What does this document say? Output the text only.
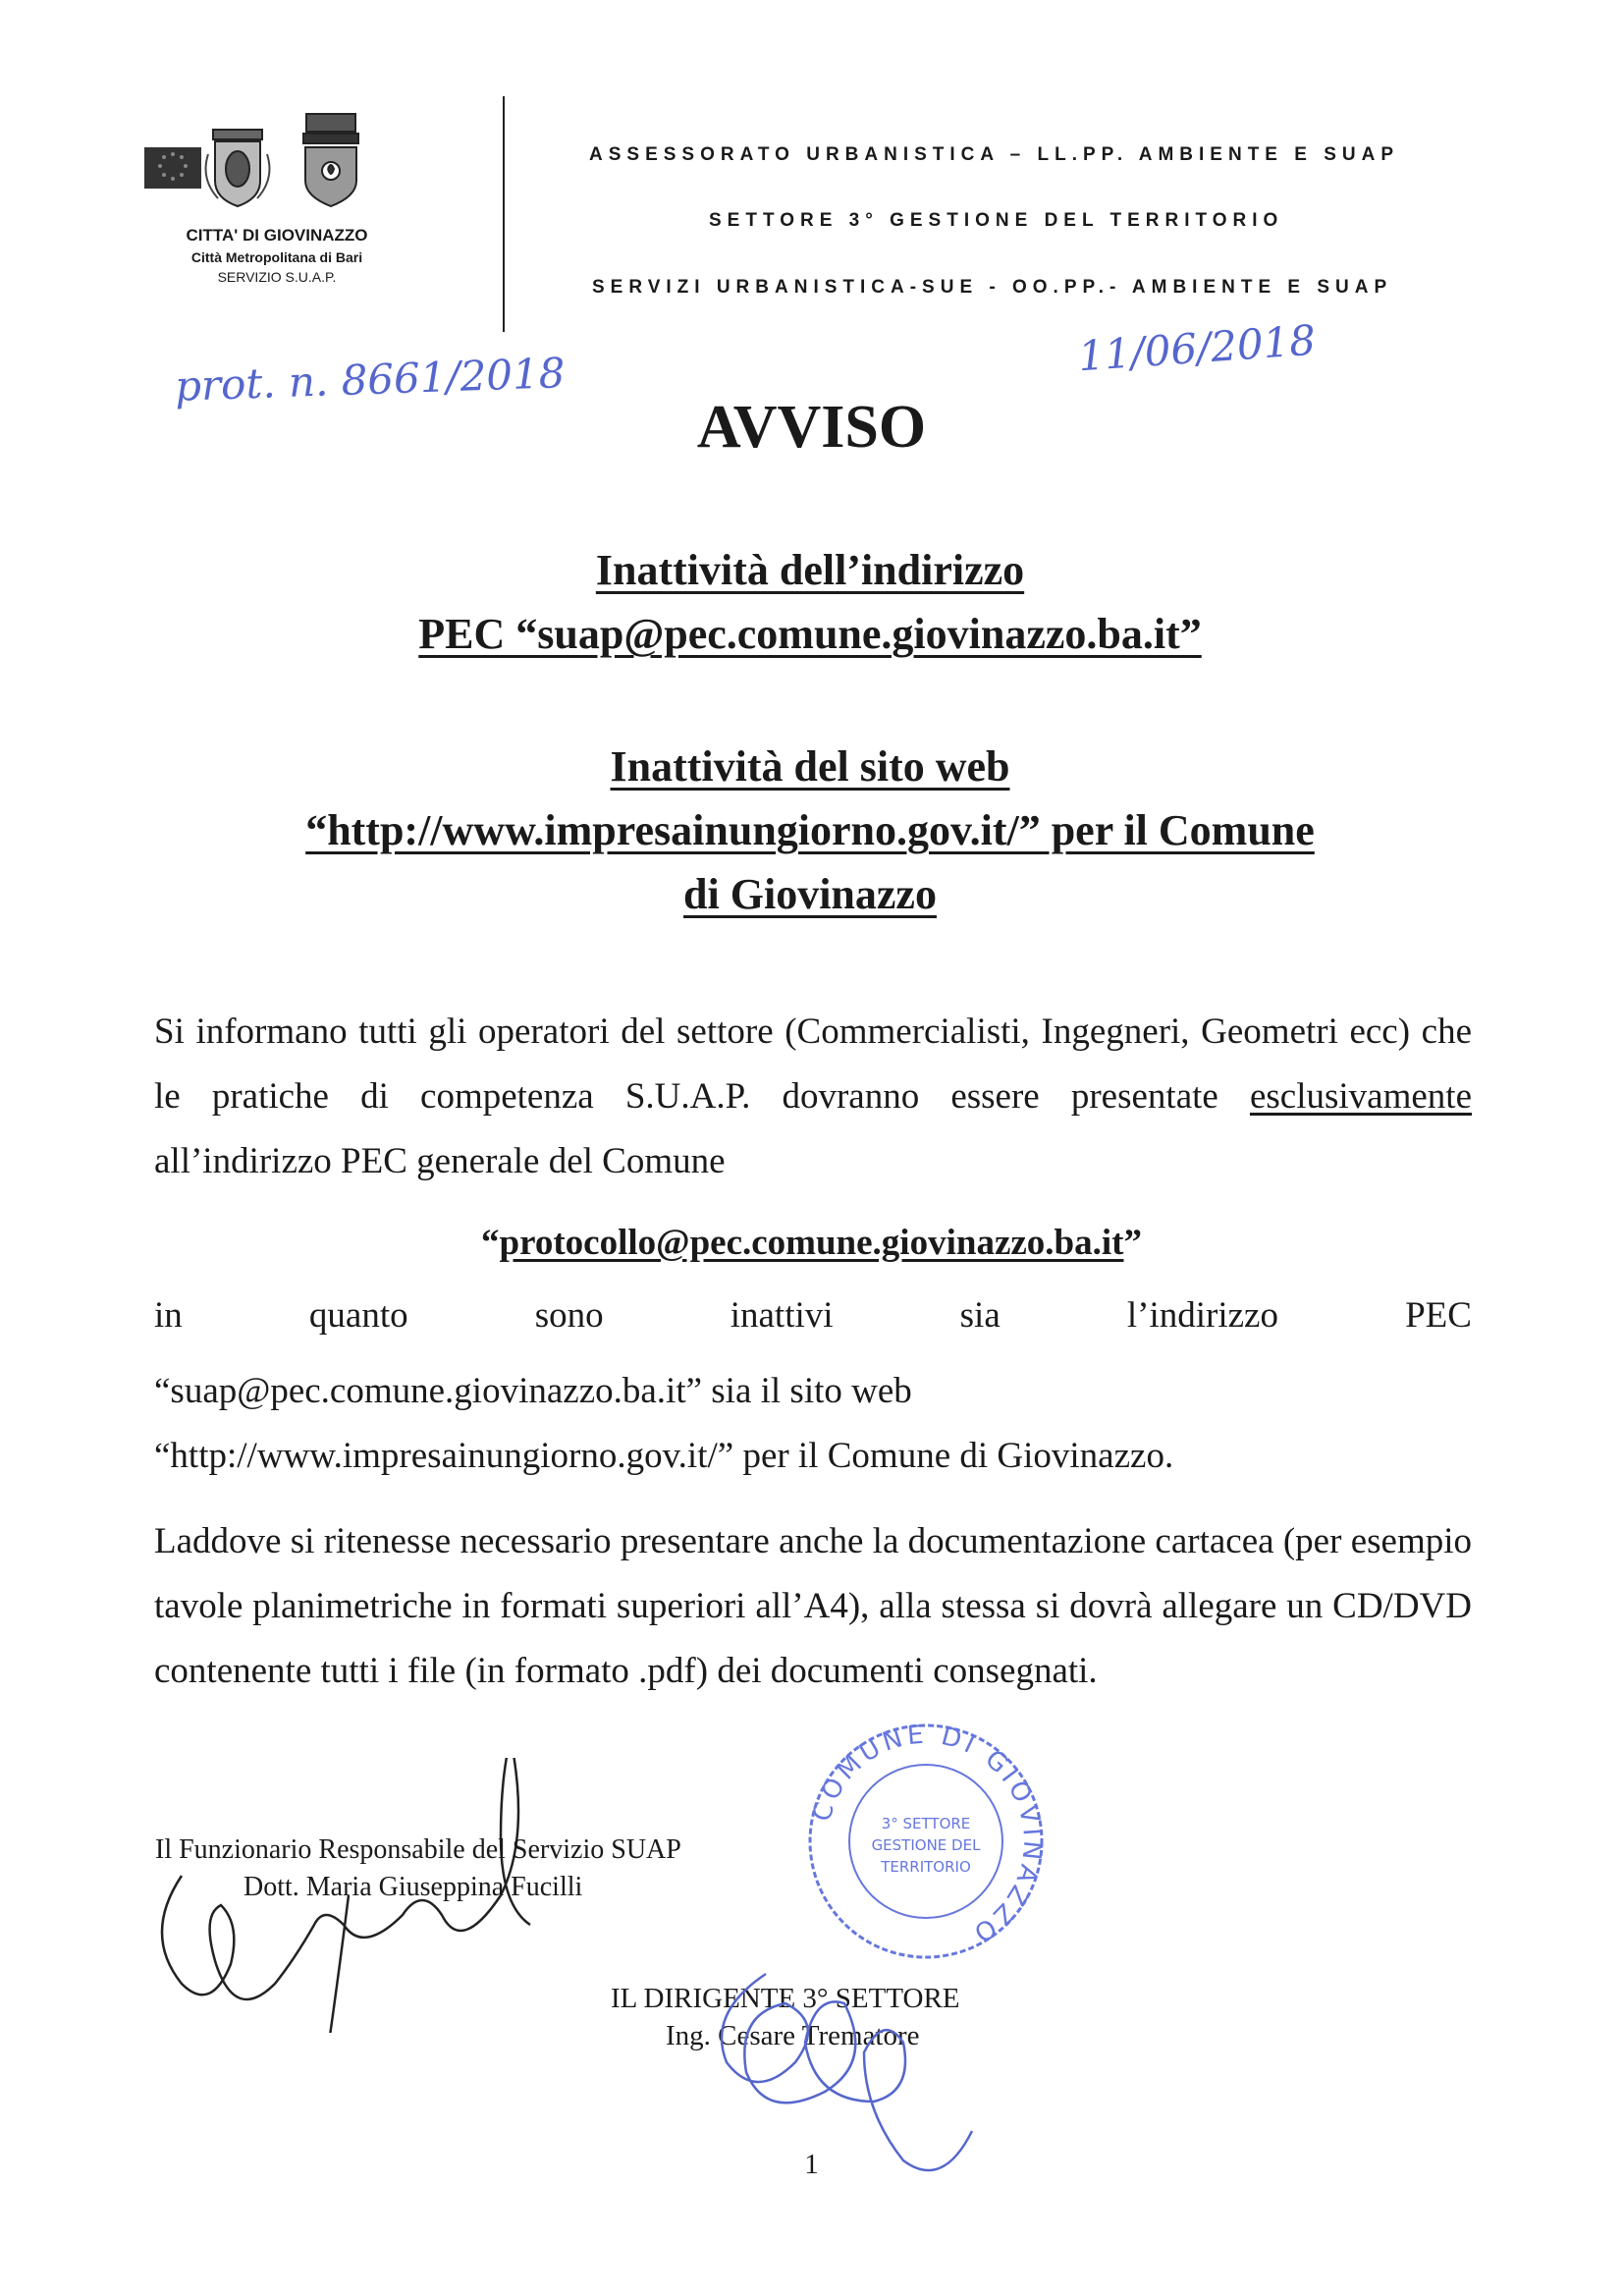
CITTA' DI GIOVINAZZO
Città Metropolitana di Bari
SERVIZIO S.U.A.P.
ASSESSORATO URBANISTICA – LL.PP. AMBIENTE E SUAP
SETTORE 3° GESTIONE DEL TERRITORIO
SERVIZI URBANISTICA-SUE - OO.PP.- AMBIENTE E SUAP
prot. n. 8661/2018	11/06/2018
AVVISO
Inattività dell’indirizzo
PEC “suap@pec.comune.giovinazzo.ba.it”
Inattività del sito web
“http://www.impresainungiorno.gov.it/” per il Comune
di Giovinazzo
Si informano tutti gli operatori del settore (Commercialisti, Ingegneri, Geometri ecc) che le pratiche di competenza S.U.A.P. dovranno essere presentate esclusivamente all’indirizzo PEC generale del Comune
“protocollo@pec.comune.giovinazzo.ba.it”
in	quanto	sono	inattivi	sia	l’indirizzo	PEC
“suap@pec.comune.giovinazzo.ba.it” sia il sito web
“http://www.impresainungiorno.gov.it/” per il Comune di Giovinazzo.
Laddove si ritenesse necessario presentare anche la documentazione cartacea (per esempio tavole planimetriche in formati superiori all’A4), alla stessa si dovrà allegare un CD/DVD contenente tutti i file (in formato .pdf) dei documenti consegnati.
Il Funzionario Responsabile del Servizio SUAP
Dott. Maria Giuseppina Fucilli
COMUNE DI GIOVINAZZO
3° SETTORE
GESTIONE DEL
TERRITORIO
IL DIRIGENTE 3° SETTORE
Ing. Cesare Trematore
1
